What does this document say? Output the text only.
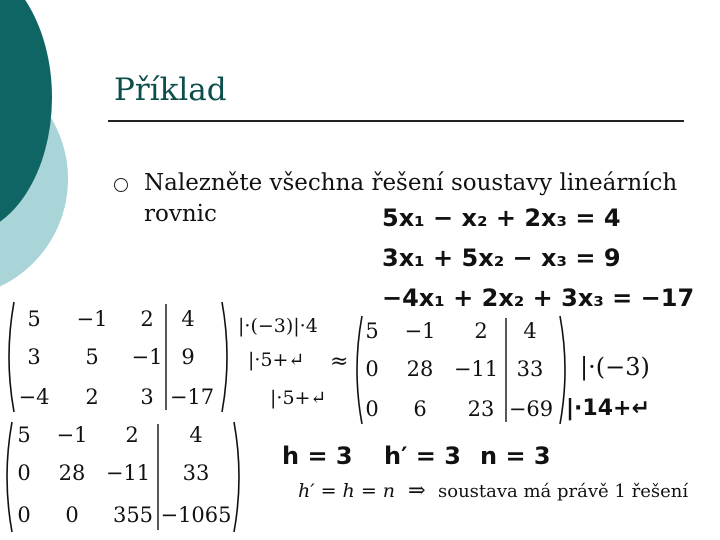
Příklad
Nalezněte všechna řešení soustavy lineárních
rovnic	5x₁ − x₂ + 2x₃ = 4
3x₁ + 5x₂ − x₃ = 9
−4x₁ + 2x₂ + 3x₃ = −17
5 −1 2 4
3 5 −1 9
−4 2 3 −17
|·(−3)|·4
|·5+↵
|·5+↵
≈
5 −1 2 4
0 28 −11 33
0 6 23 −69
|·(−3)
|·14+↵
5 −1 2 4
0 28 −11 33
0 0 355 −1065
h = 3 h′ = 3 n = 3
h′ = h = n ⇒ soustava má právě 1 řešení
